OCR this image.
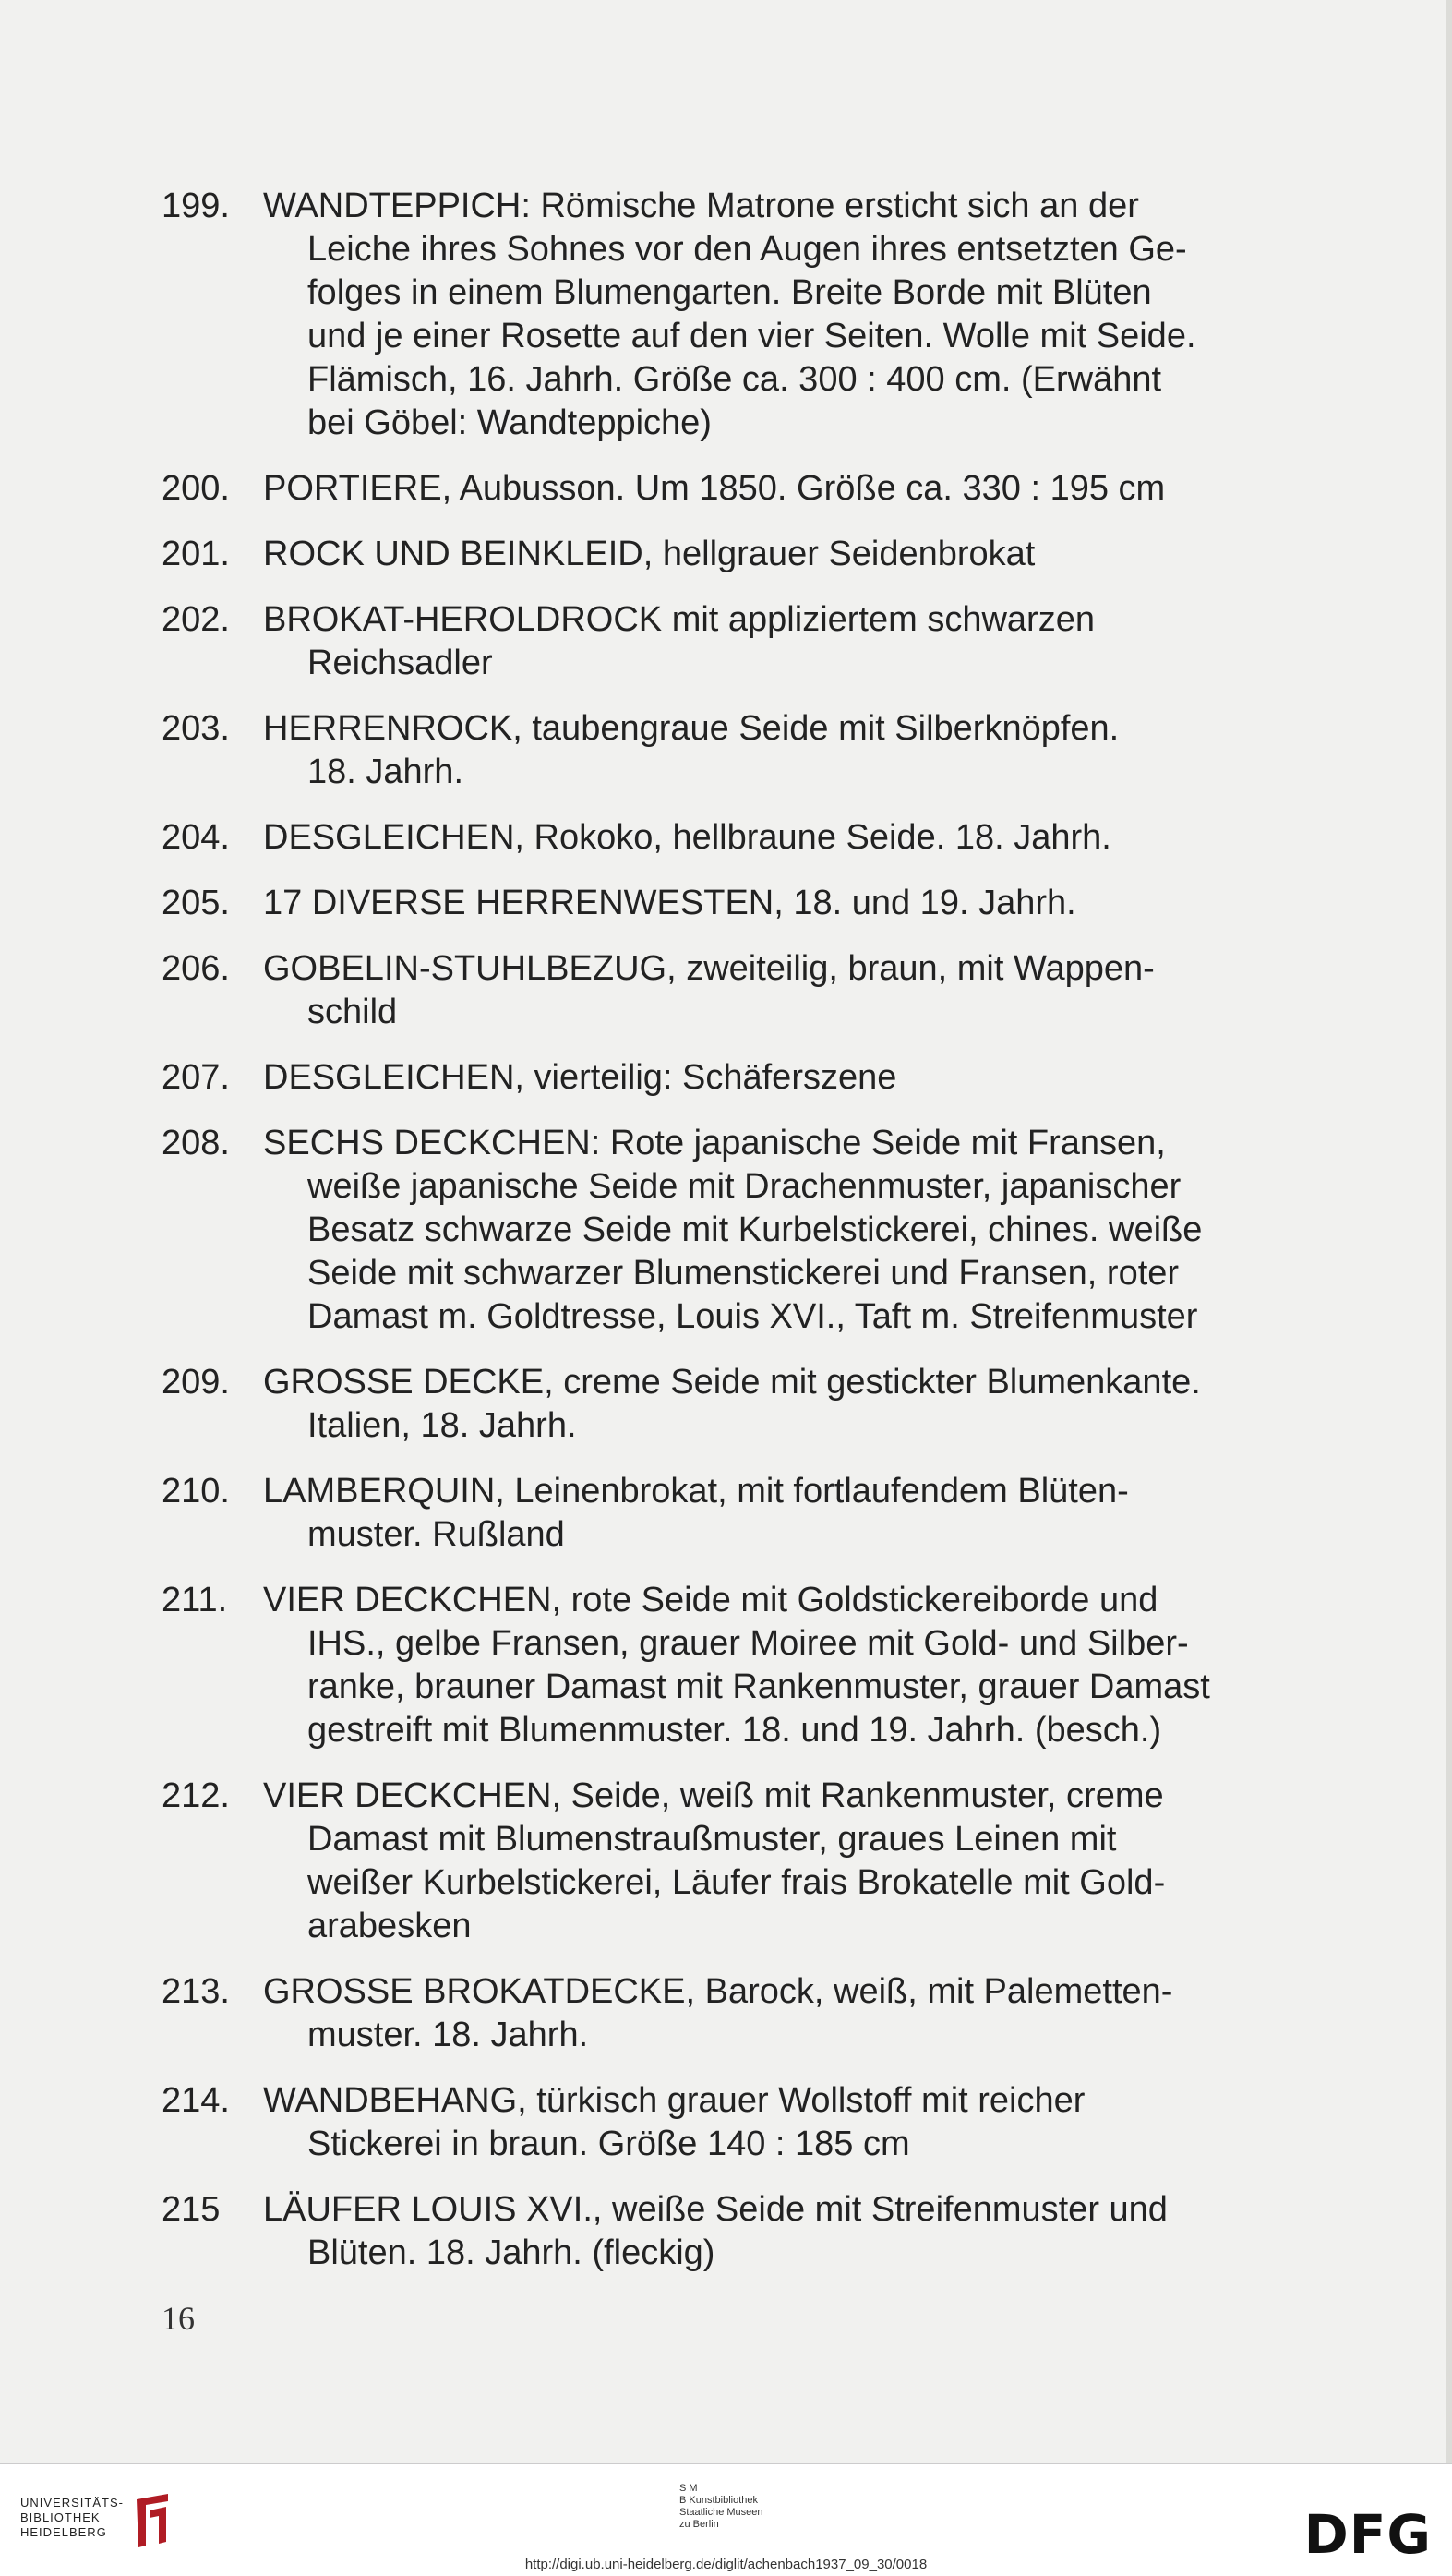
199. WANDTEPPICH: Römische Matrone ersticht sich an der
Leiche ihres Sohnes vor den Augen ihres entsetzten Ge-
folges in einem Blumengarten. Breite Borde mit Blüten
und je einer Rosette auf den vier Seiten. Wolle mit Seide.
Flämisch, 16. Jahrh. Größe ca. 300 : 400 cm. (Erwähnt
bei Göbel: Wandteppiche)
200. PORTIERE, Aubusson. Um 1850. Größe ca. 330 : 195 cm
201. ROCK UND BEINKLEID, hellgrauer Seidenbrokat
202. BROKAT-HEROLDROCK mit appliziertem schwarzen
Reichsadler
203. HERRENROCK, taubengraue Seide mit Silberknöpfen.
18. Jahrh.
204. DESGLEICHEN, Rokoko, hellbraune Seide. 18. Jahrh.
205. 17 DIVERSE HERRENWESTEN, 18. und 19. Jahrh.
206. GOBELIN-STUHLBEZUG, zweiteilig, braun, mit Wappen-
schild
207. DESGLEICHEN, vierteilig: Schäferszene
208. SECHS DECKCHEN: Rote japanische Seide mit Fransen,
weiße japanische Seide mit Drachenmuster, japanischer
Besatz schwarze Seide mit Kurbelstickerei, chines. weiße
Seide mit schwarzer Blumenstickerei und Fransen, roter
Damast m. Goldtresse, Louis XVI., Taft m. Streifenmuster
209. GROSSE DECKE, creme Seide mit gestickter Blumenkante.
Italien, 18. Jahrh.
210. LAMBERQUIN, Leinenbrokat, mit fortlaufendem Blüten-
muster. Rußland
211.	VIER DECKCHEN, rote Seide mit Goldstickereiborde und
IHS., gelbe Fransen, grauer Moiree mit Gold- und Silber-
ranke, brauner Damast mit Rankenmuster, grauer Damast
gestreift mit Blumenmuster. 18. und 19. Jahrh. (besch.)
212. VIER DECKCHEN, Seide, weiß mit Rankenmuster, creme
Damast mit Blumenstraußmuster, graues Leinen mit
weißer Kurbelstickerei, Läufer frais Brokatelle mit Gold-
arabesken
213. GROSSE BROKATDECKE, Barock, weiß, mit Palemetten-
muster. 18. Jahrh.
214. WANDBEHANG, türkisch grauer Wollstoff mit reicher
Stickerei in braun. Größe 140 : 185 cm
215	LÄUFER LOUIS XVI., weiße Seide mit Streifenmuster und
Blüten. 18. Jahrh. (fleckig)
16
UNIVERSITÄTS-
BIBLIOTHEK
HEIDELBERG
S M
B Kunstbibliothek
Staatliche Museen
zu Berlin	DFG
http://digi.ub.uni-heidelberg.de/diglit/achenbach1937_09_30/0018
